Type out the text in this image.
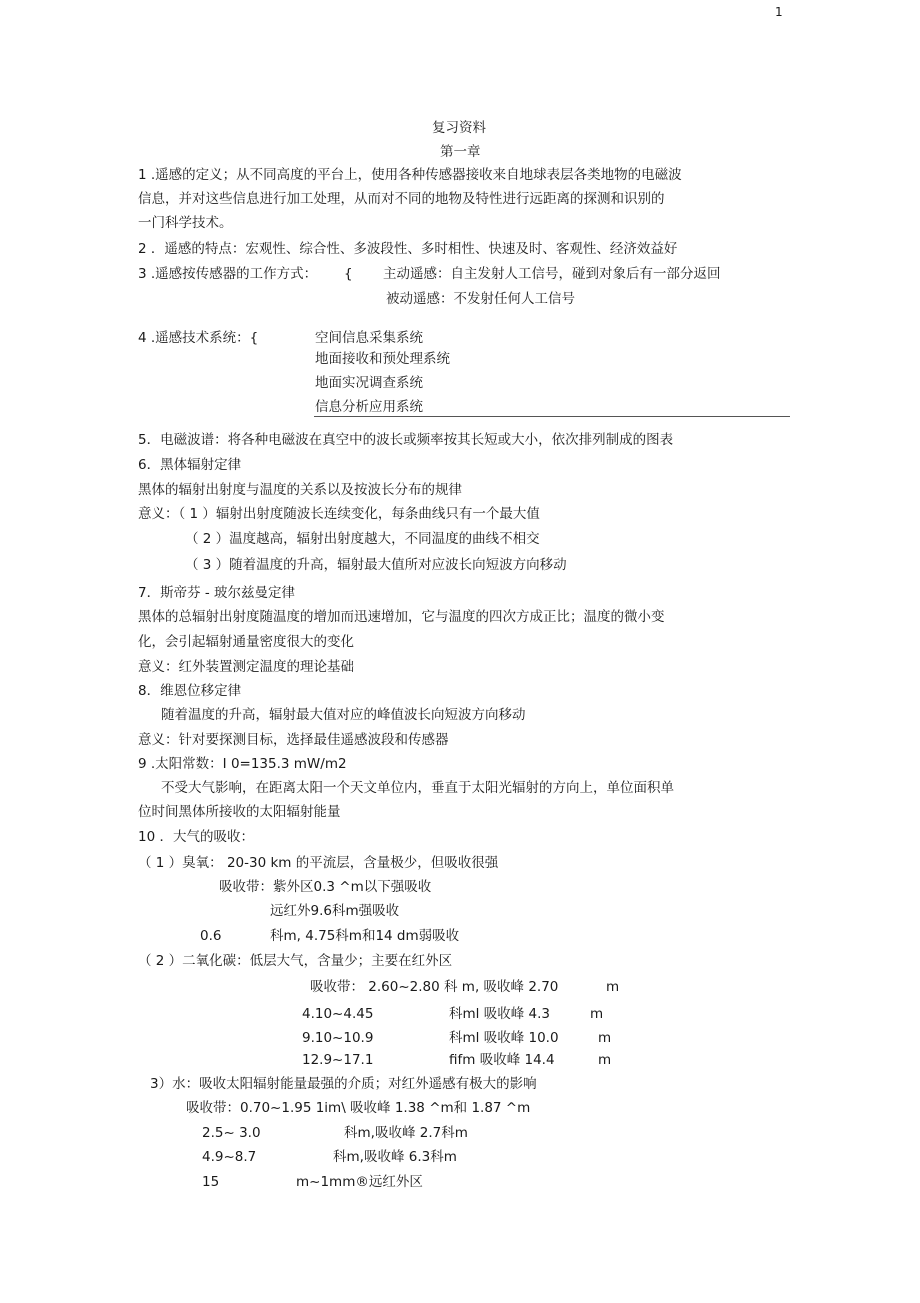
1
复习资料
第一章
1 .遥感的定义；从不同高度的平台上，使用各种传感器接收来自地球表层各类地物的电磁波
信息，并对这些信息进行加工处理，从而对不同的地物及特性进行远距离的探测和识别的
一门科学技术。
2 ．遥感的特点：宏观性、综合性、多波段性、多时相性、快速及时、客观性、经济效益好
3 .遥感按传感器的工作方式： { 主动遥感：自主发射人工信号，碰到对象后有一部分返回
被动遥感：不发射任何人工信号
4 .遥感技术系统：{	空间信息采集系统
地面接收和预处理系统
地面实况调查系统
信息分析应用系统
5．电磁波谱：将各种电磁波在真空中的波长或频率按其长短或大小，依次排列制成的图表
6．黑体辐射定律
黑体的辐射出射度与温度的关系以及按波长分布的规律
意义：（ 1 ）辐射出射度随波长连续变化，每条曲线只有一个最大值
（ 2 ）温度越高，辐射出射度越大，不同温度的曲线不相交
（ 3 ）随着温度的升高，辐射最大值所对应波长向短波方向移动
7．斯帝芬 - 玻尔兹曼定律
黑体的总辐射出射度随温度的增加而迅速增加，它与温度的四次方成正比；温度的微小变
化，会引起辐射通量密度很大的变化
意义：红外装置测定温度的理论基础
8．维恩位移定律
随着温度的升高，辐射最大值对应的峰值波长向短波方向移动
意义：针对要探测目标，选择最佳遥感波段和传感器
9 .太阳常数：I 0=135.3 mW/m2
不受大气影响，在距离太阳一个天文单位内，垂直于太阳光辐射的方向上，单位面积单
位时间黑体所接收的太阳辐射能量
10 ．大气的吸收：
（ 1 ）臭氧： 20-30 km 的平流层，含量极少，但吸收很强
吸收带：紫外区0.3 ^m以下强吸收
远红外9.6科m强吸收
0.6	科m, 4.75科m和14 dm弱吸收
（ 2 ）二氧化碳：低层大气，含量少；主要在红外区
吸收带： 2.60~2.80 科 m, 吸收峰 2.70	m
4.10~4.45	科ml 吸收峰 4.3	m
9.10~10.9	科ml 吸收峰 10.0	m
12.9~17.1	fifm 吸收峰 14.4	m
3）水：吸收太阳辐射能量最强的介质；对红外遥感有极大的影响
吸收带：0.70~1.95 1im\ 吸收峰 1.38 ^m和 1.87 ^m
2.5~ 3.0	科m,吸收峰 2.7科m
4.9~8.7	科m,吸收峰 6.3科m
15	m~1mm®远红外区
